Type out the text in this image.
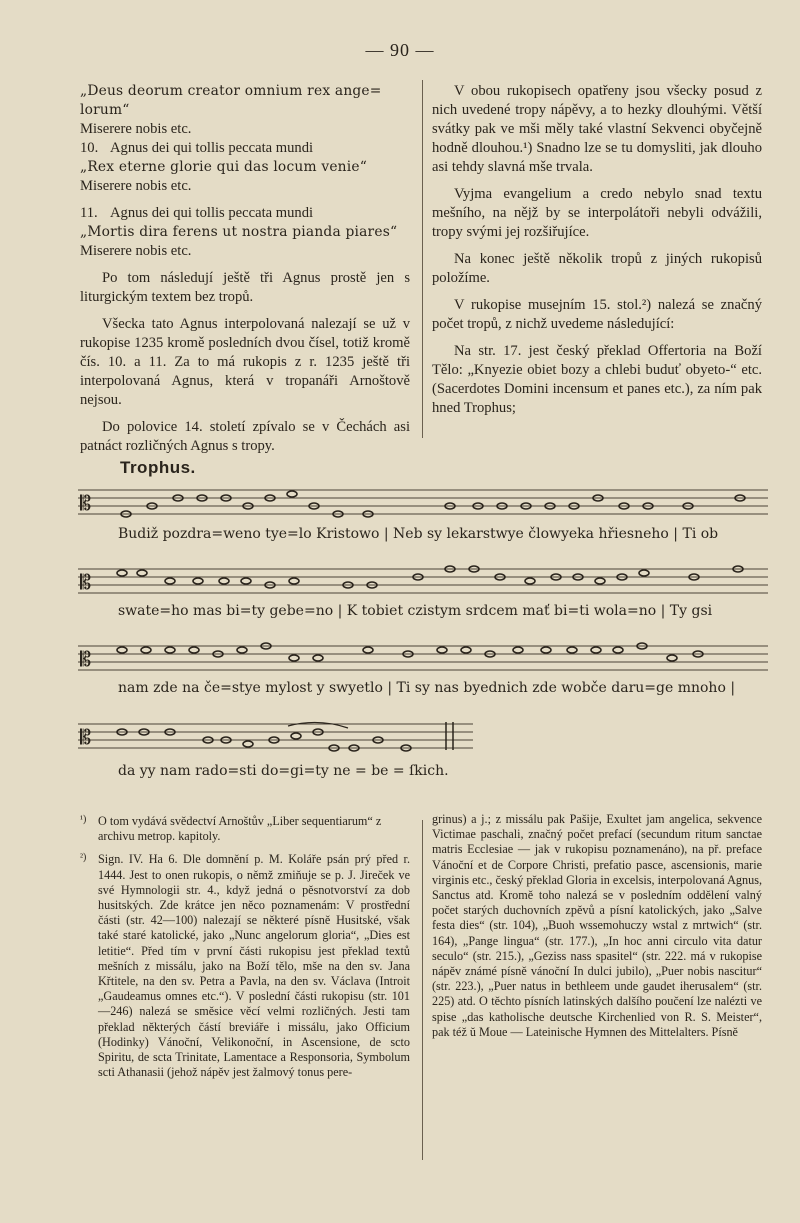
— 90 —

„Deus deorum creator omnium rex ange=

lorum“

Miserere nobis etc.

10. Agnus dei qui tollis peccata mundi

„Rex eterne glorie qui das locum venie“

Miserere nobis etc.

11. Agnus dei qui tollis peccata mundi

„Mortis dira ferens ut nostra pianda piares“

Miserere nobis etc.

Po tom následují ještě tři Agnus prostě jen s liturgickým textem bez tropů.

Všecka tato Agnus interpolovaná nalezají se už v rukopise 1235 kromě posledních dvou čísel, totiž kromě čís. 10. a 11. Za to má rukopis z r. 1235 ještě tři interpolovaná Agnus, která v tropanáři Arnoštově nejsou.

Do polovice 14. století zpívalo se v Čechách asi patnáct rozličných Agnus s tropy.

V obou rukopisech opatřeny jsou všecky posud z nich uvedené tropy nápěvy, a to hezky dlouhými. Větší svátky pak ve mši měly také vlastní Sekvenci obyčejně hodně dlouhou.¹) Snadno lze se tu domysliti, jak dlouho asi tehdy slavná mše trvala.

Vyjma evangelium a credo nebylo snad textu mešního, na nějž by se interpolátoři nebyli odvážili, tropy svými jej rozšiřujíce.

Na konec ještě několik tropů z jiných rukopisů položíme.

V rukopise musejním 15. stol.²) nalezá se značný počet tropů, z nichž uvedeme následující:

Na str. 17. jest český překlad Offertoria na Boží Tělo: „Knyezie obiet bozy a chlebi buduť obyeto-“ etc. (Sacerdotes Domini incensum et panes etc.), za ním pak hned Trophus;

Trophus.
𝄡
Budiž pozdra=weno tye=lo Kristowo | Neb sy lekarstwye člowyeka hřiesneho | Ti ob
𝄡
swate=ho mas bi=ty gebe=no | K tobiet czistym srdcem mať bi=ti wola=no | Ty gsi
𝄡
nam zde na če=stye mylost y swyetlo | Ti sy nas byednich zde wobče daru=ge mnoho |
𝄡
da yy nam rado=sti do=gi=ty ne = be = ſkich.

¹) O tom vydává svědectví Arnoštův „Liber sequentiarum“ z archivu metrop. kapitoly.

²) Sign. IV. Ha 6. Dle domnění p. M. Koláře psán prý před r. 1444. Jest to onen rukopis, o němž zmiňuje se p. J. Jireček ve své Hymnologii str. 4., když jedná o pěsnotvorství za dob husitských. Zde krátce jen něco poznamenám: V prostřední části (str. 42—100) nalezají se některé písně Husitské, však také staré katolické, jako „Nunc angelorum gloria“, „Dies est letitie“. Před tím v první části rukopisu jest překlad textů mešních z missálu, jako na Boží tělo, mše na den sv. Jana Křtitele, na den sv. Petra a Pavla, na den sv. Václava (Introit „Gaudeamus omnes etc.“). V poslední části rukopisu (str. 101—246) nalezá se směsice věcí velmi rozličných. Jesti tam překlad některých částí breviáře i missálu, jako Officium (Hodinky) Vánoční, Velikonoční, in Ascensione, de scto Spiritu, de scta Trinitate, Lamentace a Responsoria, Symbolum scti Athanasii (jehož nápěv jest žalmový tonus pere-

grinus) a j.; z missálu pak Pašije, Exultet jam angelica, sekvence Victimae paschali, značný počet prefací (secundum ritum sanctae matris Ecclesiae — jak v rukopisu poznamenáno), na př. preface Vánoční et de Corpore Christi, prefatio pasce, ascensionis, marie virginis etc., český překlad Gloria in excelsis, interpolovaná Agnus, Sanctus atd. Kromě toho nalezá se v posledním oddělení valný počet starých duchovních zpěvů a písní katolických, jako „Salve festa dies“ (str. 104), „Buoh wssemohuczy wstal z mrtwich“ (str. 164), „Pange lingua“ (str. 177.), „In hoc anni circulo vita datur seculo“ (str. 215.), „Geziss nass spasitel“ (str. 222. má v rukopise nápěv známé písně vánoční In dulci jubilo), „Puer nobis nascitur“ (str. 223.), „Puer natus in bethleem unde gaudet iherusalem“ (str. 225) atd. O těchto písních latinských dalšího poučení lze nalézti ve spise „das katholische deutsche Kirchenlied von R. S. Meister“, pak též ŭ Moue — Lateinische Hymnen des Mittelalters. Písně
